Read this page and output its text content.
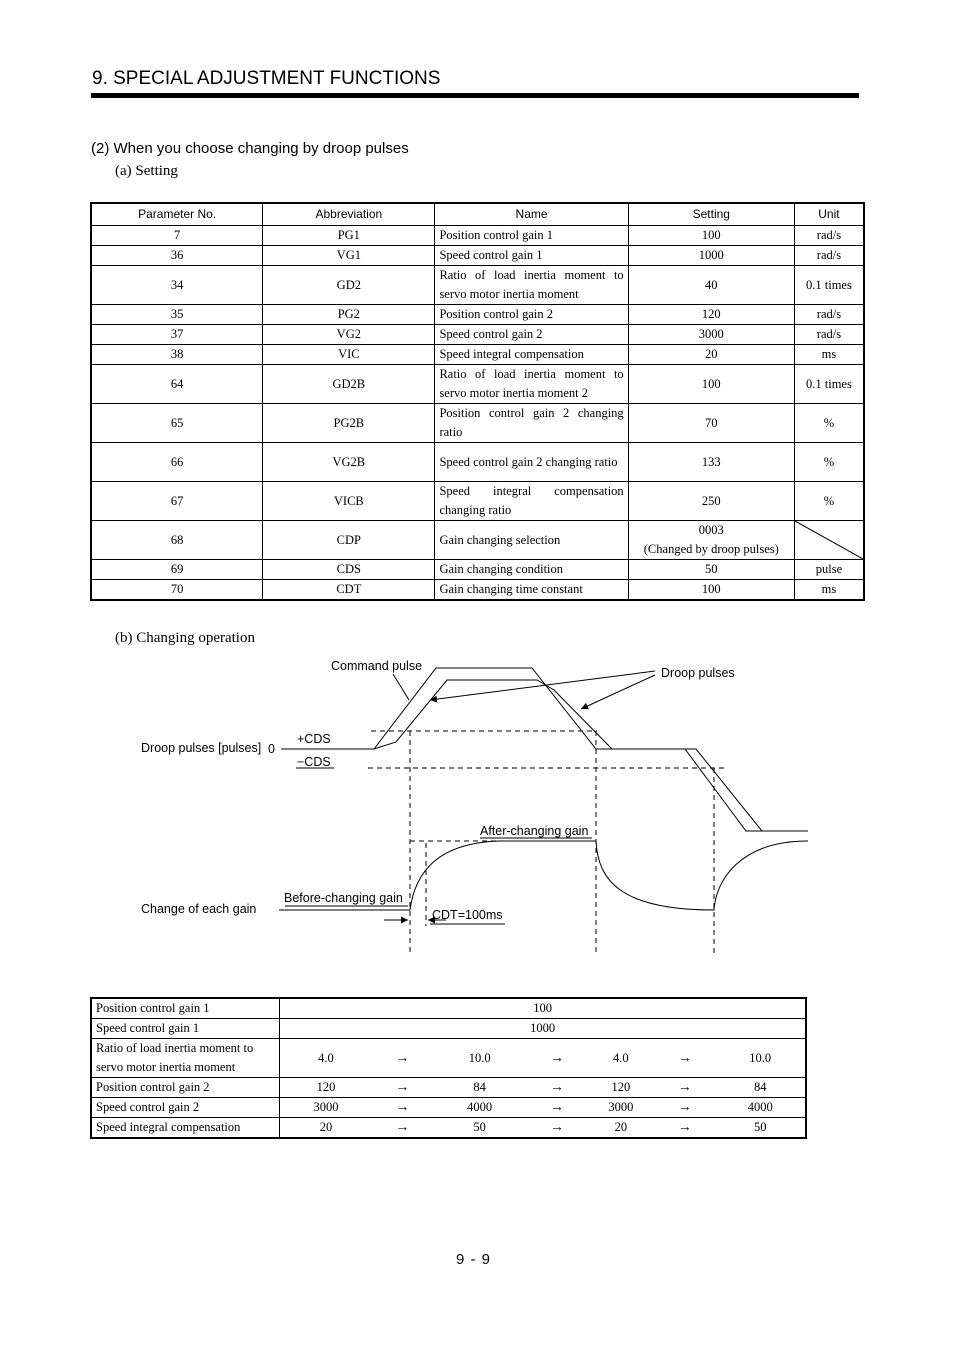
9. SPECIAL ADJUSTMENT FUNCTIONS
(2) When you choose changing by droop pulses
(a) Setting
Parameter No.	Abbreviation	Name	Setting	Unit
7	PG1	Position control gain 1	100	rad/s
36	VG1	Speed control gain 1	1000	rad/s
34	GD2	Ratio of load inertia moment to servo motor inertia moment	40	0.1 times
35	PG2	Position control gain 2	120	rad/s
37	VG2	Speed control gain 2	3000	rad/s
38	VIC	Speed integral compensation	20	ms
64	GD2B	Ratio of load inertia moment to servo motor inertia moment 2	100	0.1 times
65	PG2B	Position control gain 2 changing ratio	70	%
66	VG2B	Speed control gain 2 changing ratio	133	%
67	VICB	Speed integral compensation changing ratio	250	%
68	CDP	Gain changing selection	0003
(Changed by droop pulses)

69	CDS	Gain changing condition	50	pulse
70	CDT	Gain changing time constant	100	ms
(b) Changing operation
Command pulse	Droop pulses
+CDS
−CDS
Droop pulses [pulses] 0
After-changing gain
Before-changing gain
Change of each gain	CDT=100ms
Position control gain 1	100						
Speed control gain 1	1000						
Ratio of load inertia moment to servo motor inertia moment	4.0	→	10.0	→	4.0	→	10.0
Position control gain 2	120	→	84	→	120	→	84
Speed control gain 2	3000	→	4000	→	3000	→	4000
Speed integral compensation	20	→	50	→	20	→	50
9 - 9
